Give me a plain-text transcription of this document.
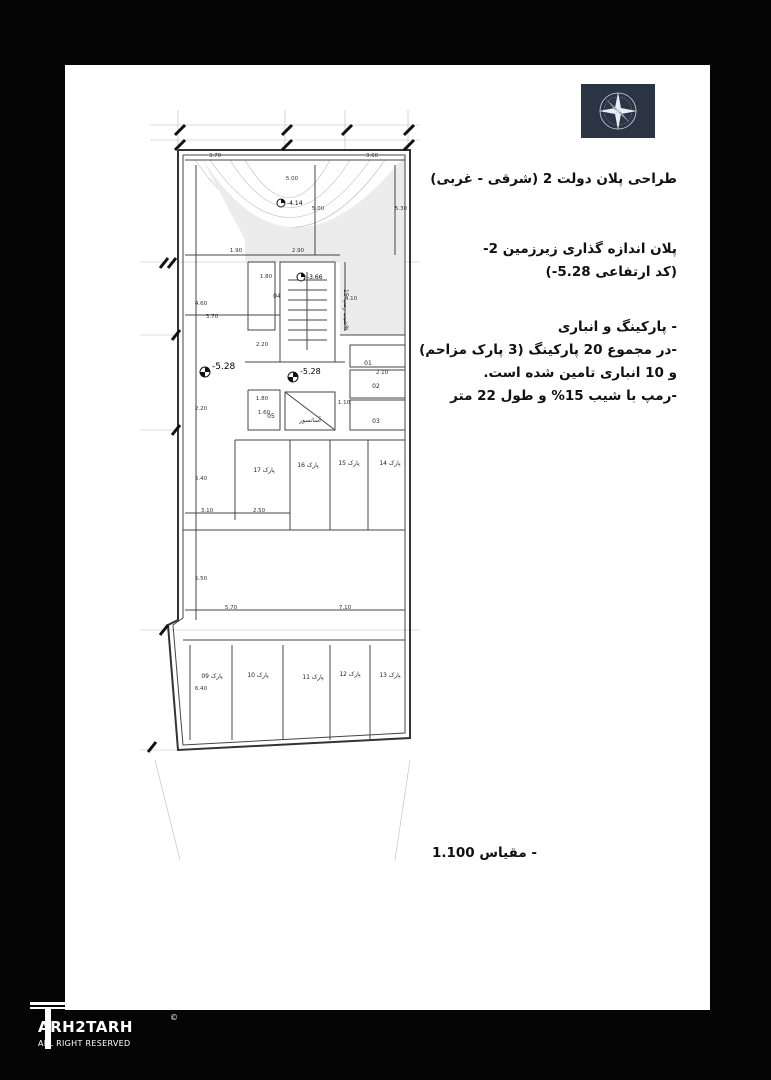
-5.28	-5.28
-4.14
-3.66
شیب رمپ 15%
آسانسور
پارک 17
پارک 16	پارک 15	پارک 14
پارک 09	پارک 10	پارک 11	پارک 12	پارک 13
04
05
01
02
03
3.70	3.60
5.00
2.90
1.90
1.80
3.70
2.20
3.10	2.50
5.70	7.10
1.60
1.10
2.10
1.80
5.00	5.30
4.10
5.40
5.50
6.40
2.20
4.60
طراحی پلان دولت 2 (شرقی - غربی)
پلان اندازه گذاری زیرزمین 2-
(کد ارتفاعی 5.28-)
- پارکینگ و انباری
-در مجموع 20 پارکینگ (3 پارک مزاحم)
و 10 انباری تامین شده است.
-رمپ با شیب 15% و طول 22 متر
- مقیاس 1.100
ARH2TARH
ALL RIGHT RESERVED
©
